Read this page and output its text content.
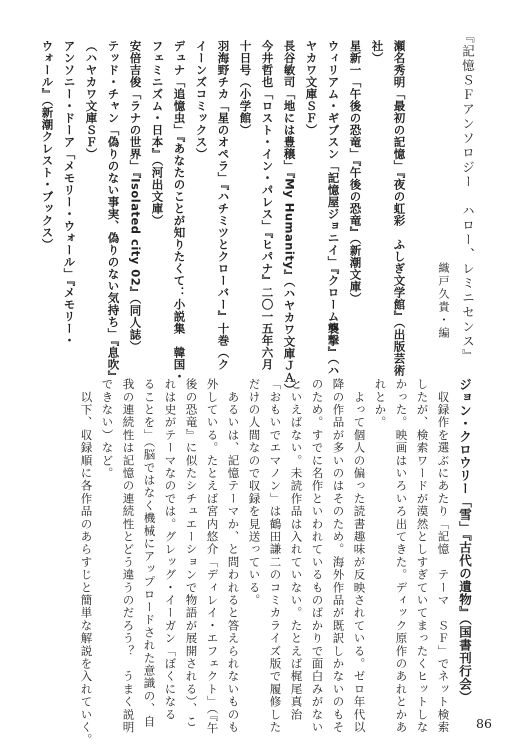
『記憶ＳＦアンソロジー　ハロー、レミニセンス』
織戸久貴・編
瀬名秀明「最初の記憶」『夜の虹彩　ふしぎ文学館』（出版芸術
社）
星新一「午後の恐竜」『午後の恐竜』（新潮文庫）
ウィリアム・ギブスン「記憶屋ジョニイ」『クローム襲撃』（ハ
ヤカワ文庫ＳＦ）
長谷敏司「地には豊穣」『My Humanity』（ハヤカワ文庫ＪＡ）
今井哲也「ロスト・イン・パレス」『ヒパナ』二〇一五年六月
十日号（小学館）
羽海野チカ「星のオペラ」『ハチミツとクローバー』十巻（ク
イーンズコミックス）
デュナ「追憶虫」『あなたのことが知りたくて：小説集　韓国・
フェミニズム・日本』（河出文庫）
安倍吉俊「ラナの世界」『Isolated city 02』（同人誌）
テッド・チャン「偽りのない事実、偽りのない気持ち」『息吹』
（ハヤカワ文庫ＳＦ）
アンソニー・ドーア「メモリー・ウォール」『メモリー・
ウォール』（新潮クレスト・ブックス）
ジョン・クロウリー「雪」『古代の遺物』（国書刊行会）
　収録作を選ぶにあたり「記憶　テーマ　ＳＦ」でネット検索
したが、検索ワードが漠然としすぎていてまったくヒットしな
かった。映画はいろいろ出てきた。ディック原作のあれとかあ
れとか。
　よって個人の偏った読書趣味が反映されている。ゼロ年代以
降の作品が多いのはそのため。海外作品が既訳しかないのもそ
のため。すでに名作といわれているものばかりで面白みがない
といえばない。未読作品は入れていない。たとえば梶尾真治
「おもいでエマノン」は鶴田謙二のコミカライズ版で履修した
だけの人間なので収録を見送っている。
　あるいは、記憶テーマか、と問われると答えられないものも
外している。たとえば宮内悠介「ディレイ・エフェクト」（『午
後の恐竜』に似たシチュエーションで物語が展開される）、こ
れは史がテーマなのでは。グレッグ・イーガン「ぼくになる
ることを」（脳ではなく機械にアップロードされた意識の、自
我の連続性は記憶の連続性とどう違うのだろう？　うまく説明
できない）など。
　以下、収録順に各作品のあらすじと簡単な解説を入れていく。	86
